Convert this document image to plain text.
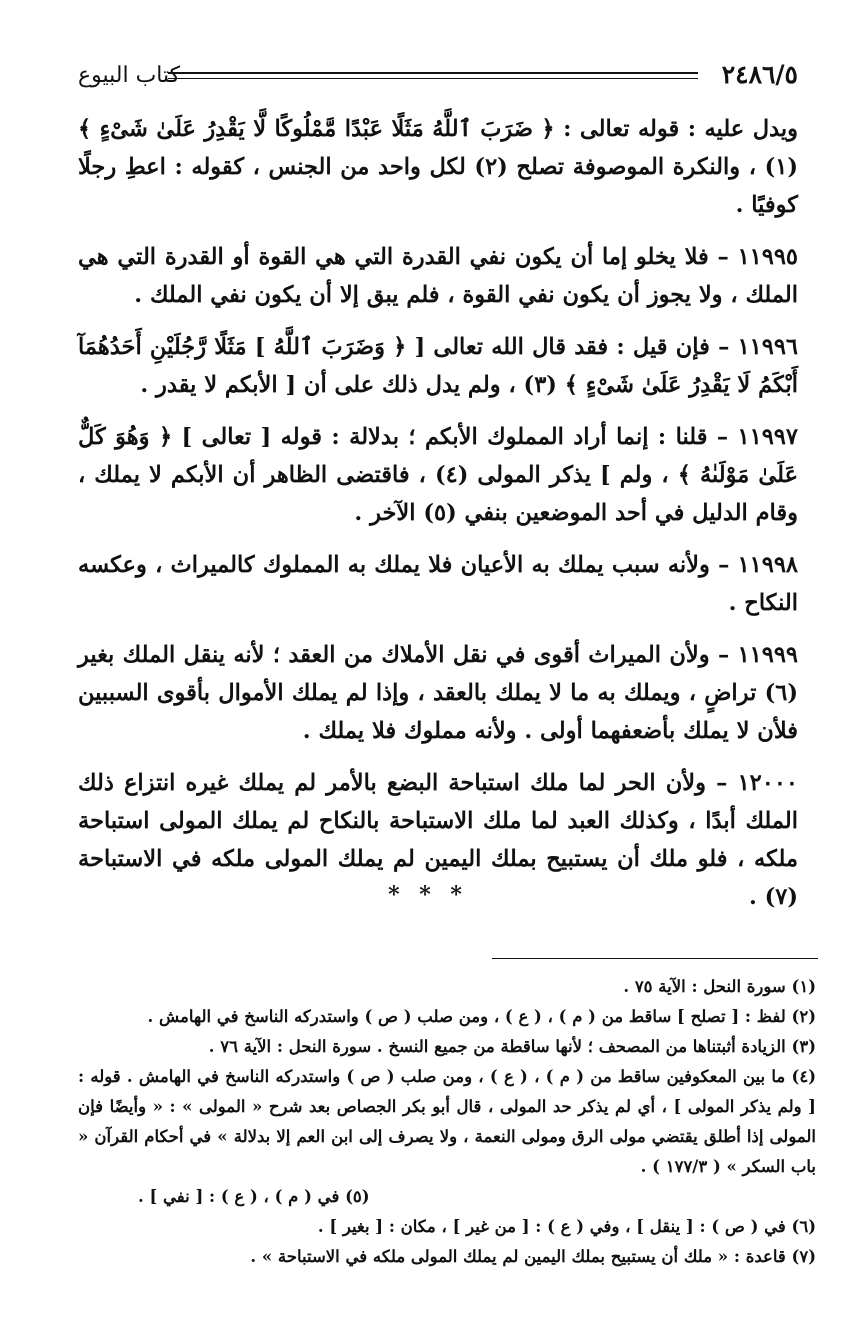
٢٤٨٦/٥
كتاب البيوع

ويدل عليه : قوله تعالى : ﴿ ضَرَبَ ٱللَّهُ مَثَلًا عَبْدًا مَّمْلُوكًا لَّا يَقْدِرُ عَلَىٰ شَىْءٍ ﴾ (١) ، والنكرة الموصوفة تصلح (٢) لكل واحد من الجنس ، كقوله : اعطِ رجلًا كوفيًا .

١١٩٩٥ – فلا يخلو إما أن يكون نفي القدرة التي هي القوة أو القدرة التي هي الملك ، ولا يجوز أن يكون نفي القوة ، فلم يبق إلا أن يكون نفي الملك .

١١٩٩٦ – فإن قيل : فقد قال الله تعالى [ ﴿ وَضَرَبَ ٱللَّهُ ] مَثَلًا رَّجُلَيْنِ أَحَدُهُمَآ أَبْكَمُ لَا يَقْدِرُ عَلَىٰ شَىْءٍ ﴾ (٣) ، ولم يدل ذلك على أن [ الأبكم لا يقدر .

١١٩٩٧ – قلنا : إنما أراد المملوك الأبكم ؛ بدلالة : قوله [ تعالى ] ﴿ وَهُوَ كَلٌّ عَلَىٰ مَوْلَىٰهُ ﴾ ، ولم ] يذكر المولى (٤) ، فاقتضى الظاهر أن الأبكم لا يملك ، وقام الدليل في أحد الموضعين بنفي (٥) الآخر .

١١٩٩٨ – ولأنه سبب يملك به الأعيان فلا يملك به المملوك كالميراث ، وعكسه النكاح .

١١٩٩٩ – ولأن الميراث أقوى في نقل الأملاك من العقد ؛ لأنه ينقل الملك بغير (٦) تراضٍ ، ويملك به ما لا يملك بالعقد ، وإذا لم يملك الأموال بأقوى السببين فلأن لا يملك بأضعفهما أولى . ولأنه مملوك فلا يملك .

١٢٠٠٠ – ولأن الحر لما ملك استباحة البضع بالأمر لم يملك غيره انتزاع ذلك الملك أبدًا ، وكذلك العبد لما ملك الاستباحة بالنكاح لم يملك المولى استباحة ملكه ، فلو ملك أن يستبيح بملك اليمين لم يملك المولى ملكه في الاستباحة (٧) .

* * *

(١) سورة النحل : الآية ٧٥ .

(٢) لفظ : [ تصلح ] ساقط من ( م ) ، ( ع ) ، ومن صلب ( ص ) واستدركه الناسخ في الهامش .

(٣) الزيادة أثبتناها من المصحف ؛ لأنها ساقطة من جميع النسخ . سورة النحل : الآية ٧٦ .

(٤) ما بين المعكوفين ساقط من ( م ) ، ( ع ) ، ومن صلب ( ص ) واستدركه الناسخ في الهامش . قوله : [ ولم يذكر المولى ] ، أي لم يذكر حد المولى ، قال أبو بكر الجصاص بعد شرح « المولى » : « وأيضًا فإن المولى إذا أطلق يقتضي مولى الرق ومولى النعمة ، ولا يصرف إلى ابن العم إلا بدلالة » في أحكام القرآن « باب السكر » ( ١٧٧/٣ ) .

(٥) في ( م ) ، ( ع ) : [ نفي ] .

(٦) في ( ص ) : [ ينقل ] ، وفي ( ع ) : [ من غير ] ، مكان : [ بغير ] .

(٧) قاعدة : « ملك أن يستبيح بملك اليمين لم يملك المولى ملكه في الاستباحة » .
